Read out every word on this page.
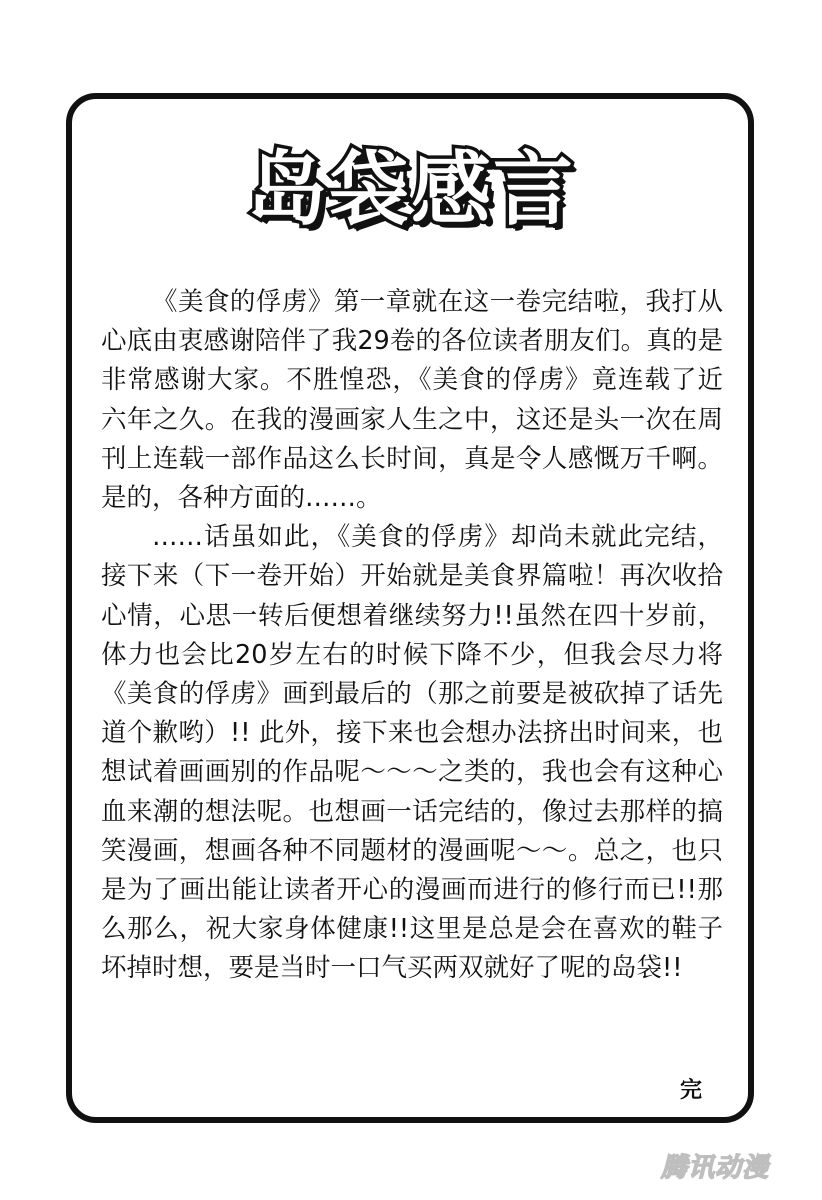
岛袋感言

《美食的俘虏》第一章就在这一卷完结啦，我打从心底由衷感谢陪伴了我29卷的各位读者朋友们。真的是非常感谢大家。不胜惶恐，《美食的俘虏》竟连载了近六年之久。在我的漫画家人生之中，这还是头一次在周刊上连载一部作品这么长时间，真是令人感慨万千啊。是的，各种方面的……。

……话虽如此，《美食的俘虏》却尚未就此完结，接下来（下一卷开始）开始就是美食界篇啦！再次收拾心情，心思一转后便想着继续努力!!虽然在四十岁前，体力也会比20岁左右的时候下降不少，但我会尽力将《美食的俘虏》画到最后的（那之前要是被砍掉了话先道个歉哟）!! 此外，接下来也会想办法挤出时间来，也想试着画画别的作品呢～～～之类的，我也会有这种心血来潮的想法呢。也想画一话完结的，像过去那样的搞笑漫画，想画各种不同题材的漫画呢～～。总之，也只是为了画出能让读者开心的漫画而进行的修行而已!!那么那么，祝大家身体健康!!这里是总是会在喜欢的鞋子坏掉时想，要是当时一口气买两双就好了呢的岛袋!!

完
腾讯动漫
